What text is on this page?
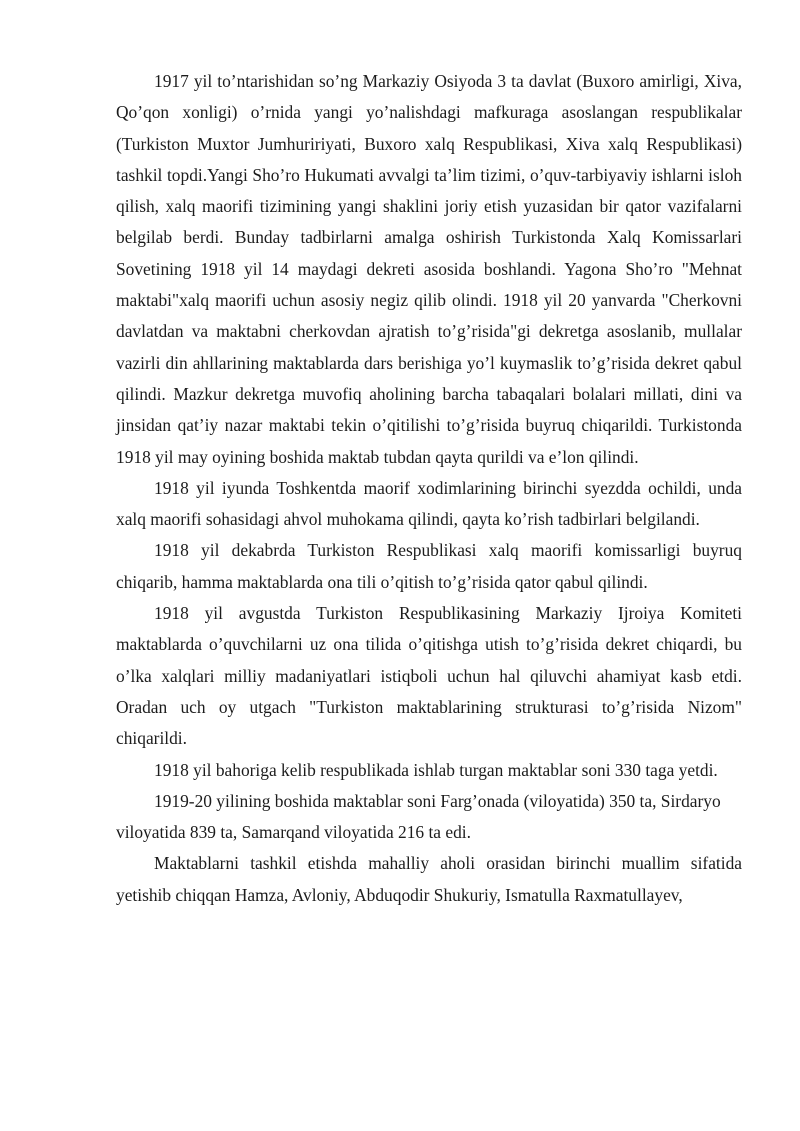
1917 yil to’ntarishidan so’ng Markaziy Osiyoda 3 ta davlat (Buxoro amirligi, Xiva, Qo’qon xonligi) o’rnida yangi yo’nalishdagi mafkuraga asoslangan respublikalar (Turkiston Muxtor Jumhuririyati, Buxoro xalq Respublikasi, Xiva xalq Respublikasi) tashkil topdi.Yangi Sho’ro Hukumati avvalgi ta’lim tizimi, o’quv-tarbiyaviy ishlarni isloh qilish, xalq maorifi tizimining yangi shaklini joriy etish yuzasidan bir qator vazifalarni belgilab berdi. Bunday tadbirlarni amalga oshirish Turkistonda Xalq Komissarlari Sovetining 1918 yil 14 maydagi dekreti asosida boshlandi. Yagona Sho’ro "Mehnat maktabi"xalq maorifi uchun asosiy negiz qilib olindi. 1918 yil 20 yanvarda "Cherkovni davlatdan va maktabni cherkovdan ajratish to’g’risida"gi dekretga asoslanib, mullalar vazirli din ahllarining maktablarda dars berishiga yo’l kuymaslik to’g’risida dekret qabul qilindi. Mazkur dekretga muvofiq aholining barcha tabaqalari bolalari millati, dini va jinsidan qat’iy nazar maktabi tekin o’qitilishi to’g’risida buyruq chiqarildi. Turkistonda 1918 yil may oyining boshida maktab tubdan qayta qurildi va e’lon qilindi.

1918 yil iyunda Toshkentda maorif xodimlarining birinchi syezdda ochildi, unda xalq maorifi sohasidagi ahvol muhokama qilindi, qayta ko’rish tadbirlari belgilandi.

1918 yil dekabrda Turkiston Respublikasi xalq maorifi komissarligi buyruq chiqarib, hamma maktablarda ona tili o’qitish to’g’risida qator qabul qilindi.

1918 yil avgustda Turkiston Respublikasining Markaziy Ijroiya Komiteti maktablarda o’quvchilarni uz ona tilida o’qitishga utish to’g’risida dekret chiqardi, bu o’lka xalqlari milliy madaniyatlari istiqboli uchun hal qiluvchi ahamiyat kasb etdi. Oradan uch oy utgach "Turkiston maktablarining strukturasi to’g’risida Nizom" chiqarildi.

1918 yil bahoriga kelib respublikada ishlab turgan maktablar soni 330 taga yetdi.

1919-20 yilining boshida maktablar soni Farg’onada (viloyatida) 350 ta, Sirdaryo viloyatida 839 ta, Samarqand viloyatida 216 ta edi.

Maktablarni tashkil etishda mahalliy aholi orasidan birinchi muallim sifatida yetishib chiqqan Hamza, Avloniy, Abduqodir Shukuriy, Ismatulla Raxmatullayev,
